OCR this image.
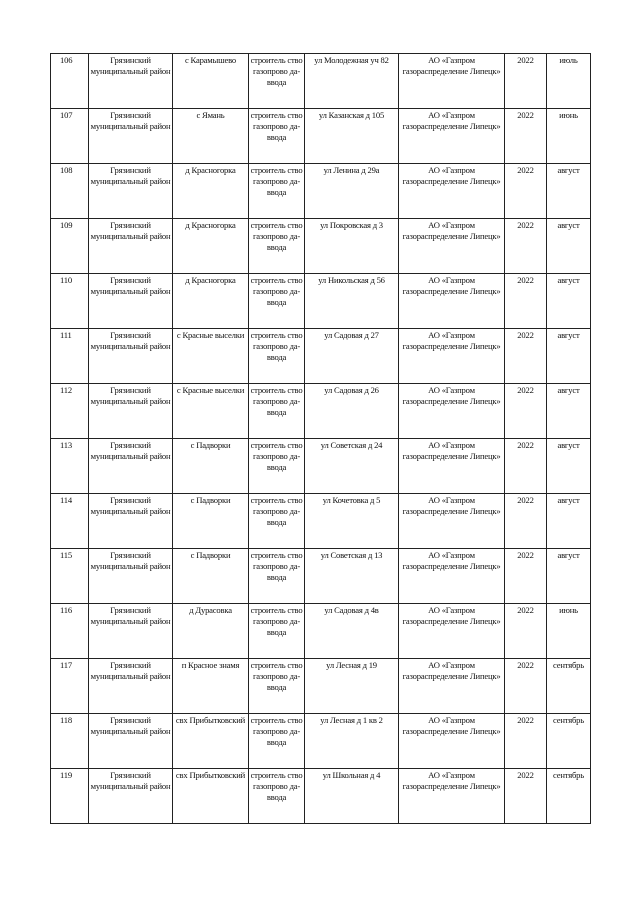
106	Грязинский муниципальный район	с Карамышево	строитель ство газопрово да-ввода	ул Молодежная уч 82	АО «Газпром газораспределение Липецк»	2022	июль
107	Грязинский муниципальный район	с Ямань	строитель ство газопрово да-ввода	ул Казанская д 105	АО «Газпром газораспределение Липецк»	2022	июнь
108	Грязинский муниципальный район	д Красногорка	строитель ство газопрово да-ввода	ул Ленина д 29а	АО «Газпром газораспределение Липецк»	2022	август
109	Грязинский муниципальный район	д Красногорка	строитель ство газопрово да-ввода	ул Покровская д 3	АО «Газпром газораспределение Липецк»	2022	август
110	Грязинский муниципальный район	д Красногорка	строитель ство газопрово да-ввода	ул Никольская д 56	АО «Газпром газораспределение Липецк»	2022	август
111	Грязинский муниципальный район	с Красные выселки	строитель ство газопрово да-ввода	ул Садовая д 27	АО «Газпром газораспределение Липецк»	2022	август
112	Грязинский муниципальный район	с Красные выселки	строитель ство газопрово да-ввода	ул Садовая д 26	АО «Газпром газораспределение Липецк»	2022	август
113	Грязинский муниципальный район	с Падворки	строитель ство газопрово да-ввода	ул Советская д 24	АО «Газпром газораспределение Липецк»	2022	август
114	Грязинский муниципальный район	с Падворки	строитель ство газопрово да-ввода	ул Кочетовка д 5	АО «Газпром газораспределение Липецк»	2022	август
115	Грязинский муниципальный район	с Падворки	строитель ство газопрово да-ввода	ул Советская д 13	АО «Газпром газораспределение Липецк»	2022	август
116	Грязинский муниципальный район	д Дурасовка	строитель ство газопрово да-ввода	ул Садовая д 4в	АО «Газпром газораспределение Липецк»	2022	июнь
117	Грязинский муниципальный район	п Красное знамя	строитель ство газопрово да-ввода	ул Лесная д 19	АО «Газпром газораспределение Липецк»	2022	сентябрь
118	Грязинский муниципальный район	свх Прибытковский	строитель ство газопрово да-ввода	ул Лесная д 1 кв 2	АО «Газпром газораспределение Липецк»	2022	сентябрь
119	Грязинский муниципальный район	свх Прибытковский	строитель ство газопрово да-ввода	ул Школьная д 4	АО «Газпром газораспределение Липецк»	2022	сентябрь
